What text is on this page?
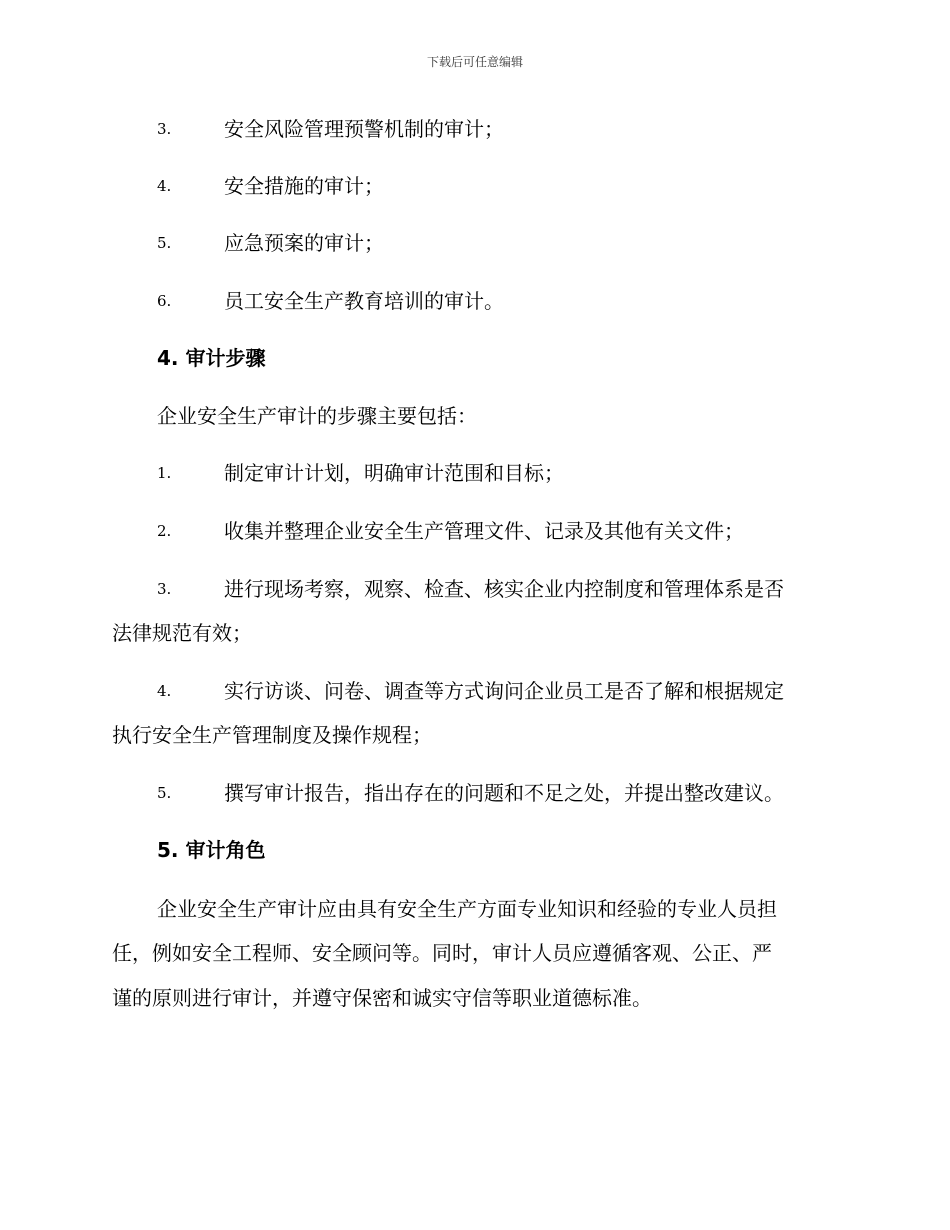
下载后可任意编辑
3.	安全风险管理预警机制的审计；
4.	安全措施的审计；
5.	应急预案的审计；
6.	员工安全生产教育培训的审计。
4. 审计步骤
企业安全生产审计的步骤主要包括：
1.	制定审计计划，明确审计范围和目标；
2.	收集并整理企业安全生产管理文件、记录及其他有关文件；
3.	进行现场考察，观察、检查、核实企业内控制度和管理体系是否
法律规范有效；
4.	实行访谈、问卷、调查等方式询问企业员工是否了解和根据规定
执行安全生产管理制度及操作规程；
5.	撰写审计报告，指出存在的问题和不足之处，并提出整改建议。
5. 审计角色
企业安全生产审计应由具有安全生产方面专业知识和经验的专业人员担
任，例如安全工程师、安全顾问等。同时，审计人员应遵循客观、公正、严
谨的原则进行审计，并遵守保密和诚实守信等职业道德标准。
